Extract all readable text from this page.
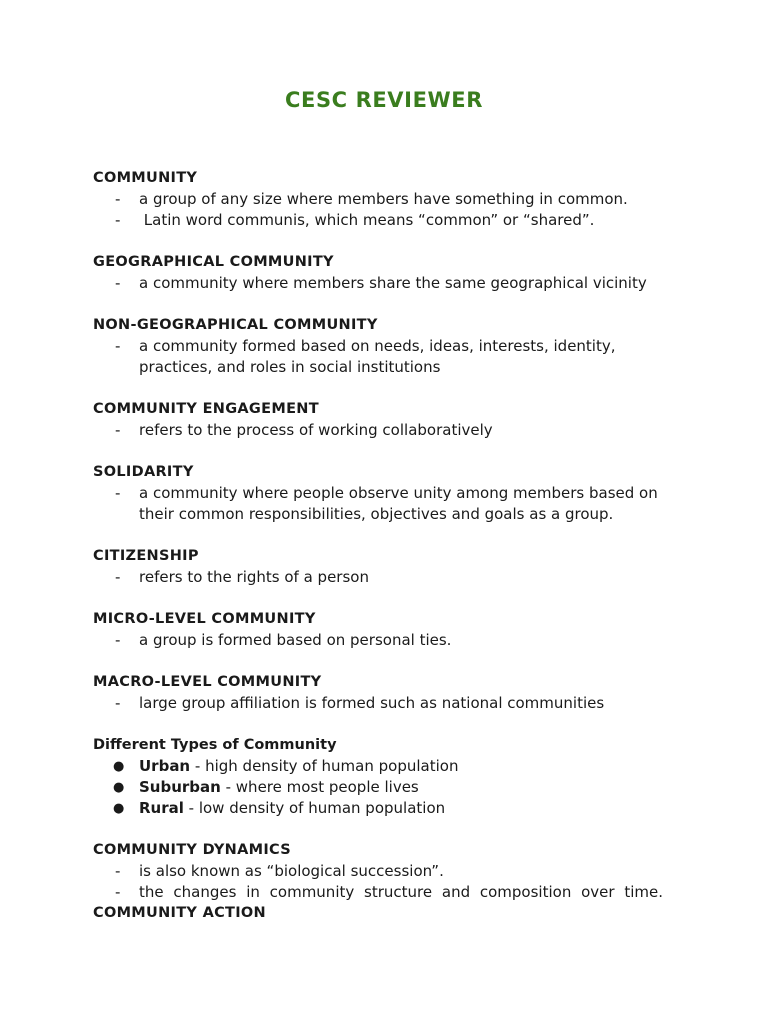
CESC REVIEWER
COMMUNITY
- a group of any size where members have something in common.
- Latin word communis, which means “common” or “shared”.
GEOGRAPHICAL COMMUNITY
- a community where members share the same geographical vicinity
NON-GEOGRAPHICAL COMMUNITY
- a community formed based on needs, ideas, interests, identity, practices, and roles in social institutions
COMMUNITY ENGAGEMENT
- refers to the process of working collaboratively
SOLIDARITY
- a community where people observe unity among members based on their common responsibilities, objectives and goals as a group.
CITIZENSHIP
- refers to the rights of a person
MICRO-LEVEL COMMUNITY
- a group is formed based on personal ties.
MACRO-LEVEL COMMUNITY
- large group affiliation is formed such as national communities
Different Types of Community
● Urban - high density of human population
● Suburban - where most people lives
● Rural - low density of human population
COMMUNITY DYNAMICS
- is also known as “biological succession”.
- the changes in community structure and composition over time.
COMMUNITY ACTION
